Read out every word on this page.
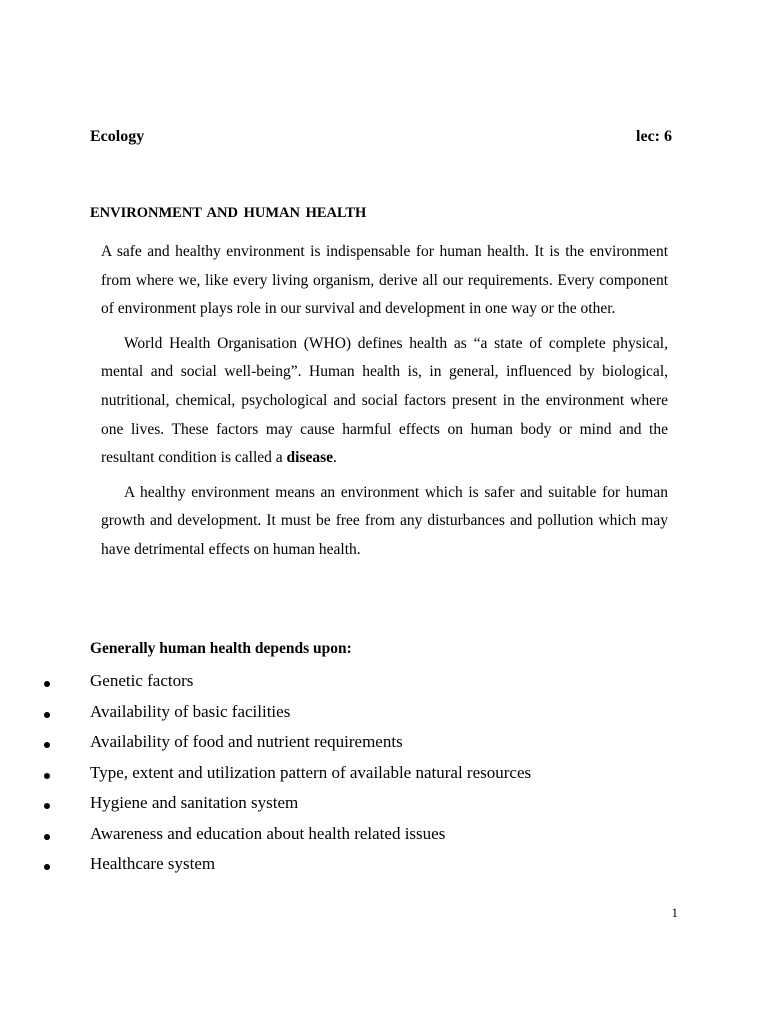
Ecology	lec: 6
ENVIRONMENT AND HUMAN HEALTH

A safe and healthy environment is indispensable for human health. It is the environment from where we, like every living organism, derive all our requirements. Every component of environment plays role in our survival and development in one way or the other.

World Health Organisation (WHO) defines health as “a state of complete physical, mental and social well-being”. Human health is, in general, influenced by biological, nutritional, chemical, psychological and social factors present in the environment where one lives. These factors may cause harmful effects on human body or mind and the resultant condition is called a disease.

A healthy environment means an environment which is safer and suitable for human growth and development. It must be free from any disturbances and pollution which may have detrimental effects on human health.

Generally human health depends upon:
Genetic factors
Availability of basic facilities
Availability of food and nutrient requirements
Type, extent and utilization pattern of available natural resources
Hygiene and sanitation system
Awareness and education about health related issues
Healthcare system
1
